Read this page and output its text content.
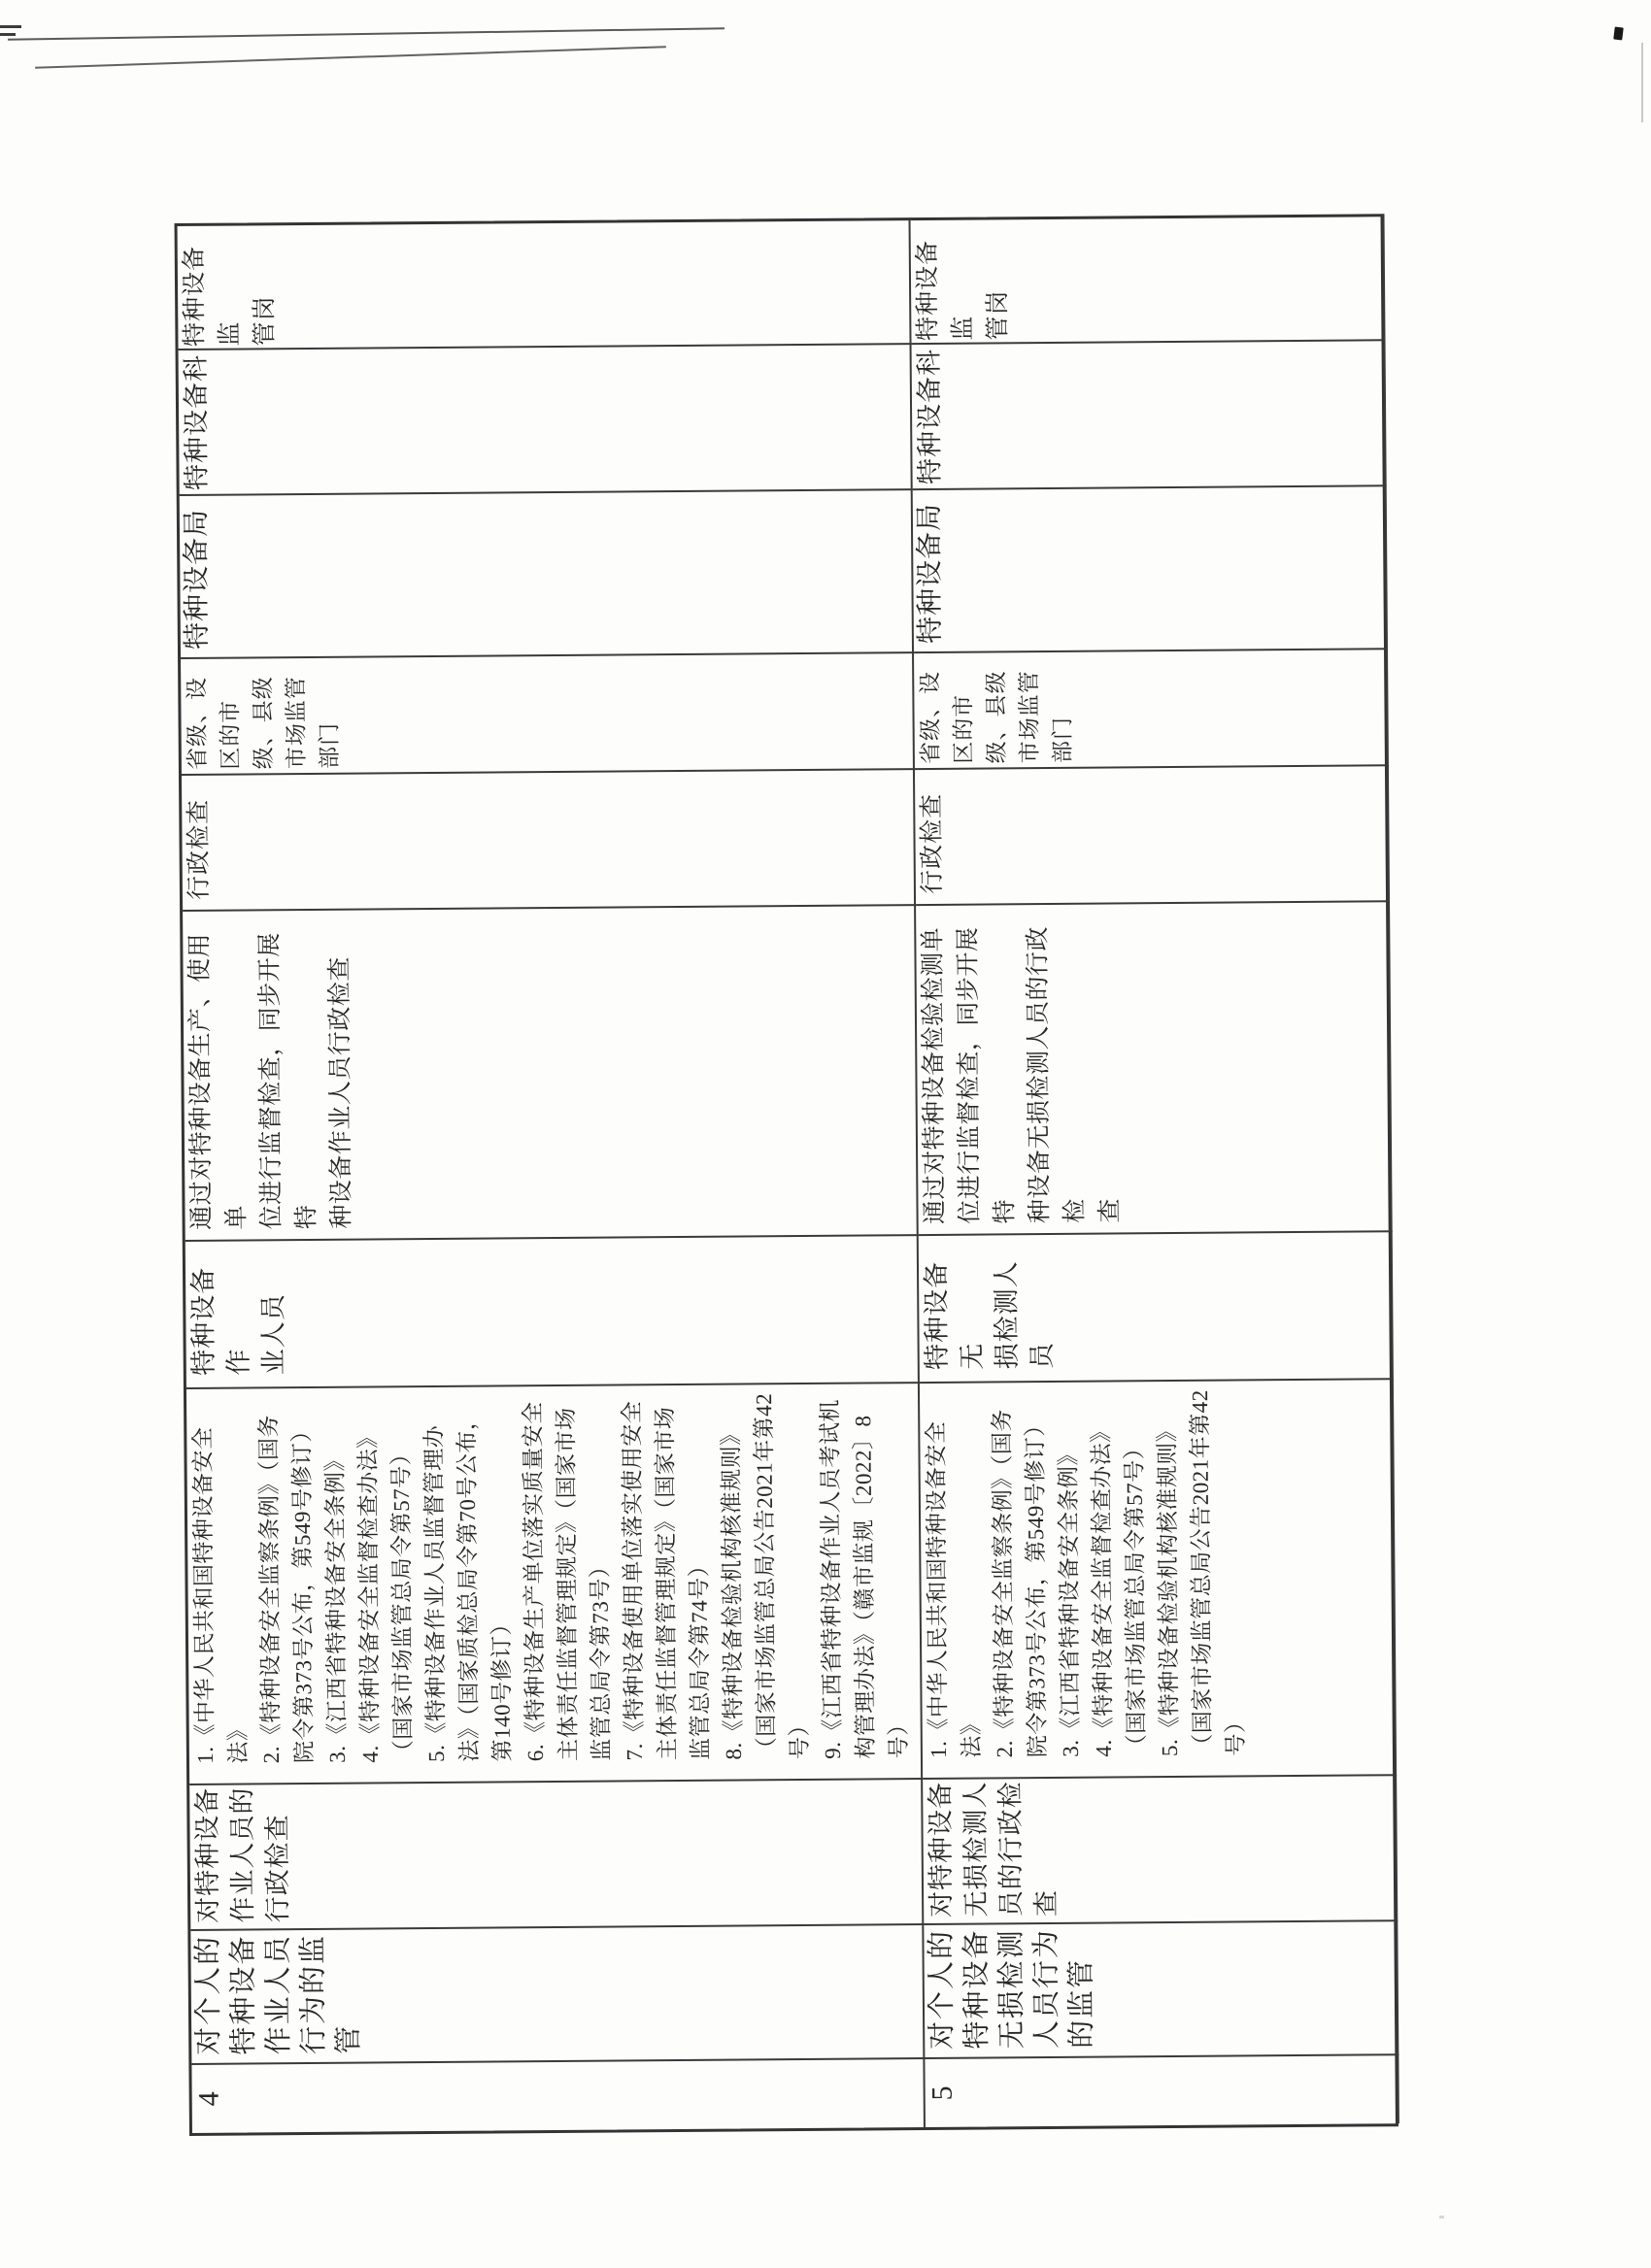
4
对个人的
特种设备
作业人员
行为的监
管
对特种设备
作业人员的
行政检查
1.《中华人民共和国特种设备安全
法》
2.《特种设备安全监察条例》（国务
院令第373号公布，第549号修订）
3.《江西省特种设备安全条例》
4.《特种设备安全监督检查办法》
（国家市场监管总局令第57号）
5.《特种设备作业人员监督管理办
法》（国家质检总局令第70号公布，
第140号修订）
6.《特种设备生产单位落实质量安全
主体责任监督管理规定》（国家市场
监管总局令第73号）
7.《特种设备使用单位落实使用安全
主体责任监督管理规定》（国家市场
监管总局令第74号）
8.《特种设备检验机构核准规则》
（国家市场监管总局公告2021年第42
号）
9.《江西省特种设备作业人员考试机
构管理办法》（赣市监规〔2022〕8号）
特种设备作
业人员
通过对特种设备生产、使用单
位进行监督检查，同步开展特
种设备作业人员行政检查
行政检查
省级、设
区的市
级、县级
市场监管
部门
特种设备局
特种设备科
特种设备监
管岗
5
对个人的
特种设备
无损检测
人员行为
的监管
对特种设备
无损检测人
员的行政检
查
1.《中华人民共和国特种设备安全
法》
2.《特种设备安全监察条例》（国务
院令第373号公布，第549号修订）
3.《江西省特种设备安全条例》
4.《特种设备安全监督检查办法》
（国家市场监管总局令第57号）
5.《特种设备检验机构核准规则》
（国家市场监管总局公告2021年第42
号）
特种设备无
损检测人员
通过对特种设备检验检测单
位进行监督检查，同步开展特
种设备无损检测人员的行政检
查
行政检查
省级、设
区的市
级、县级
市场监管
部门
特种设备局
特种设备科
特种设备监
管岗
